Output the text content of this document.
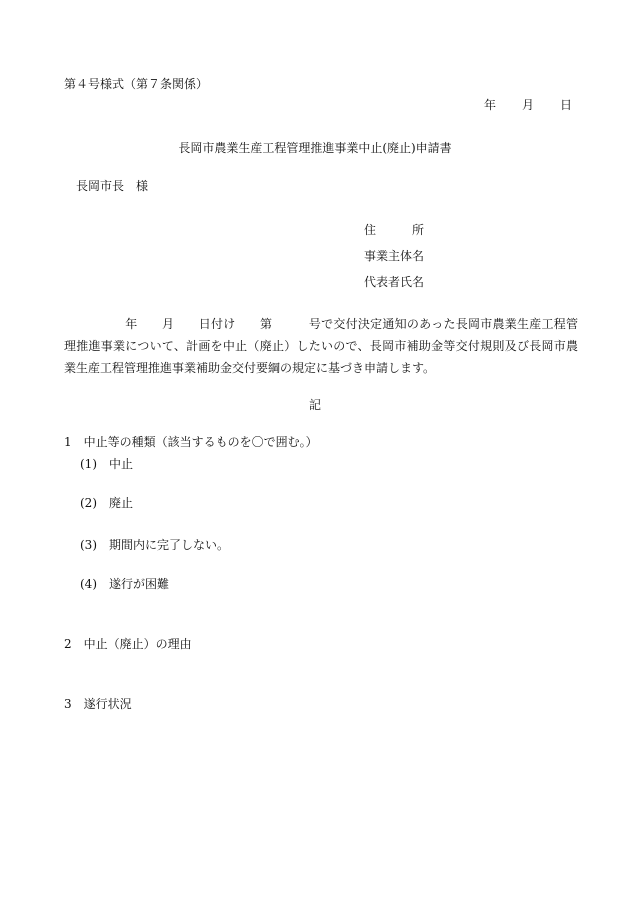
第４号様式（第７条関係）
年 月 日
長岡市農業生産工程管理推進事業中止(廃止)申請書
長岡市長　様
住　　　所
事業主体名
代表者氏名
　　　　　年　　月　　日付け　　第　　　号で交付決定通知のあった長岡市農業生産工程管理推進事業について、計画を中止（廃止）したいので、長岡市補助金等交付規則及び長岡市農業生産工程管理推進事業補助金交付要綱の規定に基づき申請します。
記
1　中止等の種類（該当するものを〇で囲む。）
(1)　中止
(2)　廃止
(3)　期間内に完了しない。
(4)　遂行が困難
2　中止（廃止）の理由
3　遂行状況
